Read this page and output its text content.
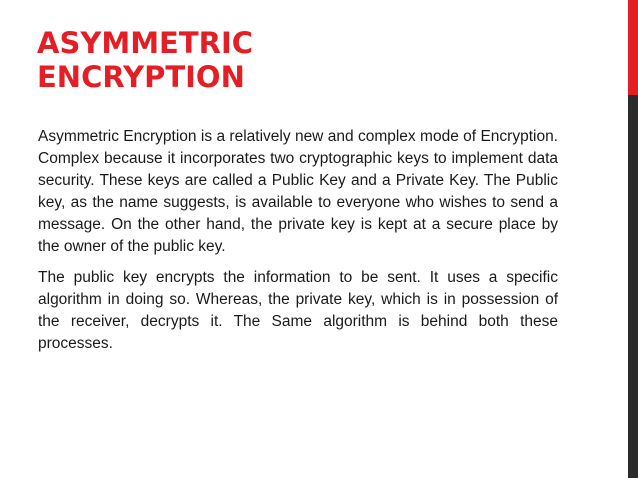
ASYMMETRIC
ENCRYPTION

Asymmetric Encryption is a relatively new and complex mode of Encryption. Complex because it incorporates two cryptographic keys to implement data security. These keys are called a Public Key and a Private Key. The Public key, as the name suggests, is available to everyone who wishes to send a message. On the other hand, the private key is kept at a secure place by the owner of the public key.

The public key encrypts the information to be sent. It uses a specific algorithm in doing so. Whereas, the private key, which is in possession of the receiver, decrypts it. The Same algorithm is behind both these processes.
